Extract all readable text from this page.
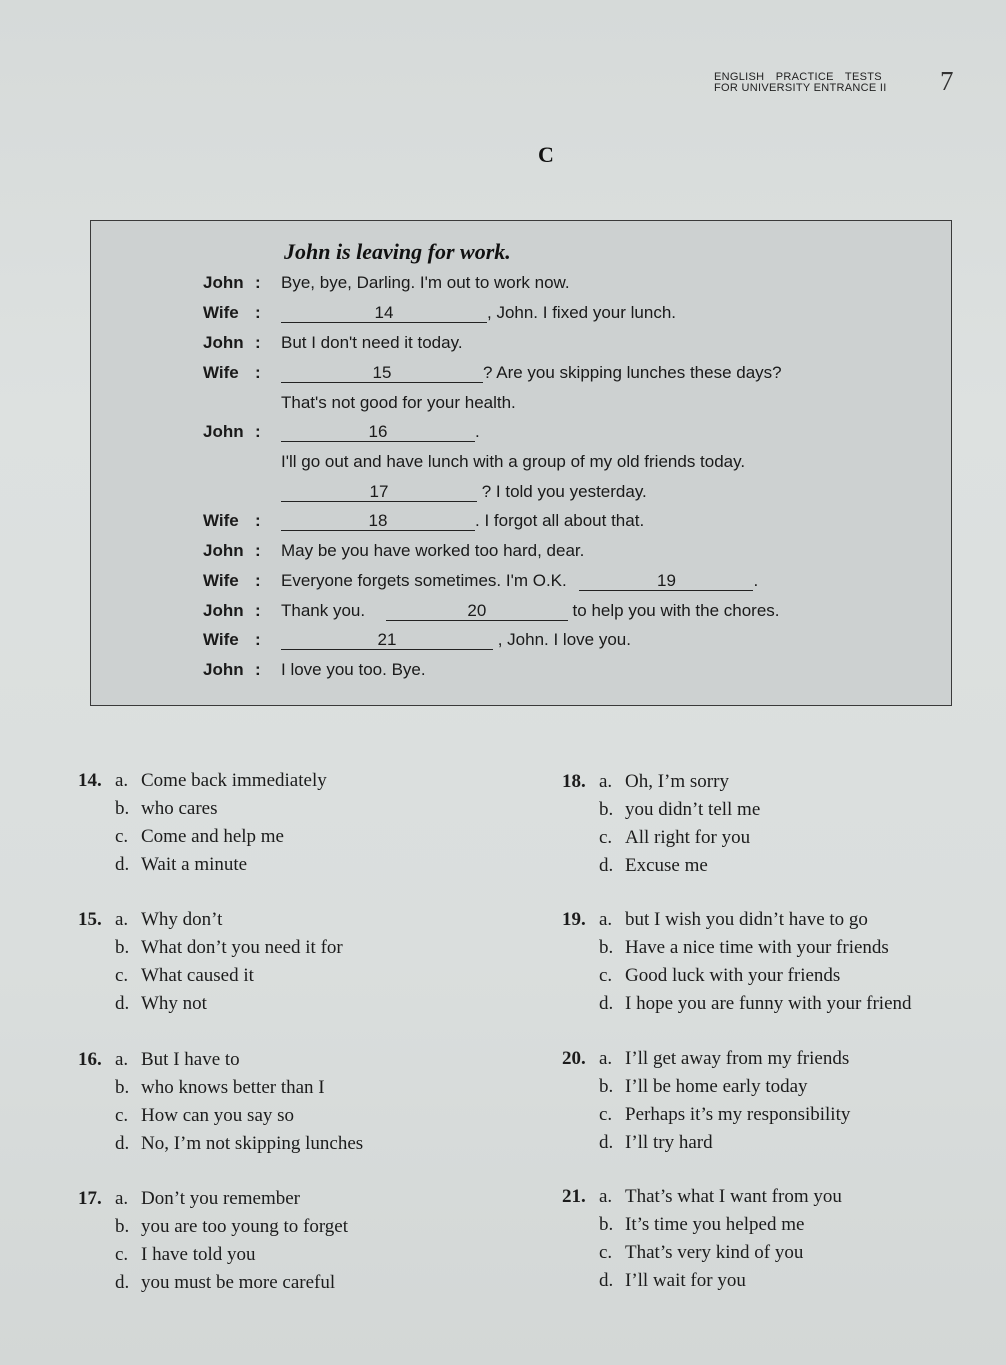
ENGLISH PRACTICE TESTS
FOR UNIVERSITY ENTRANCE II 7
C
John is leaving for work.
John : Bye, bye, Darling. I'm out to work now.
Wife :	14	, John. I fixed your lunch.
John : But I don't need it today.
Wife :	15	? Are you skipping lunches these days?
That's not good for your health.
John :	16	.
I'll go out and have lunch with a group of my old friends today.
17	? I told you yesterday.
Wife :	18	. I forgot all about that.
John : May be you have worked too hard, dear.
Wife : Everyone forgets sometimes. I'm O.K.	19	.
John : Thank you.	20	to help you with the chores.
Wife :	21	, John. I love you.
John : I love you too. Bye.
14. a. Come back immediately
b. who cares
c. Come and help me
d. Wait a minute
15. a. Why don’t
b. What don’t you need it for
c. What caused it
d. Why not
16. a. But I have to
b. who knows better than I
c. How can you say so
d. No, I’m not skipping lunches
17. a. Don’t you remember
b. you are too young to forget
c. I have told you
d. you must be more careful
18. a. Oh, I’m sorry
b. you didn’t tell me
c. All right for you
d. Excuse me
19. a. but I wish you didn’t have to go
b. Have a nice time with your friends
c. Good luck with your friends
d. I hope you are funny with your friend
20. a. I’ll get away from my friends
b. I’ll be home early today
c. Perhaps it’s my responsibility
d. I’ll try hard
21. a. That’s what I want from you
b. It’s time you helped me
c. That’s very kind of you
d. I’ll wait for you
